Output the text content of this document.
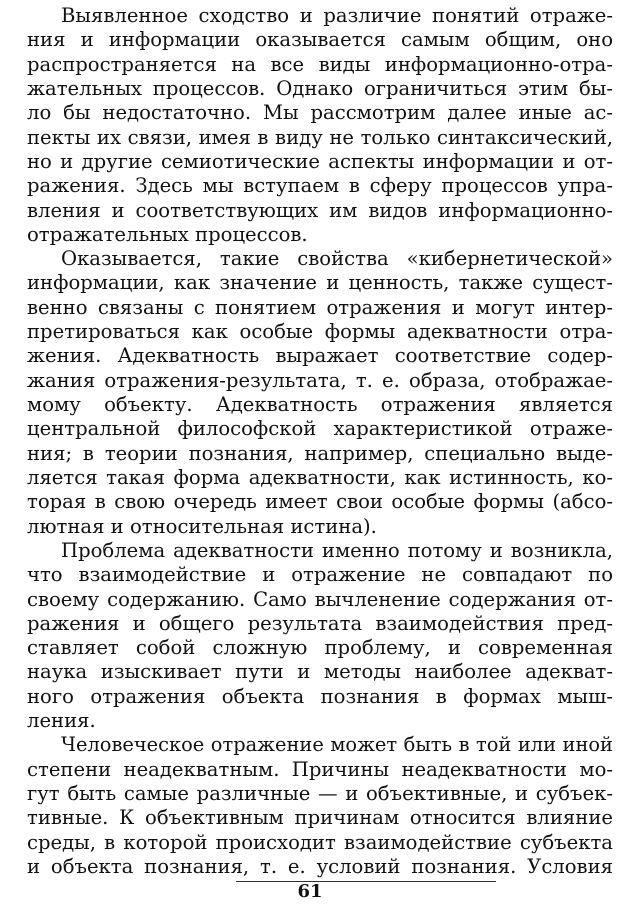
Выявленное сходство и различие понятий отраже-
ния и информации оказывается самым общим, оно
распространяется на все виды информационно-отра-
жательных процессов. Однако ограничиться этим бы-
ло бы недостаточно. Мы рассмотрим далее иные ас-
пекты их связи, имея в виду не только синтаксический,
но и другие семиотические аспекты информации и от-
ражения. Здесь мы вступаем в сферу процессов упра-
вления и соответствующих им видов информационно-
отражательных процессов.
Оказывается, такие свойства «кибернетической»
информации, как значение и ценность, также сущест-
венно связаны с понятием отражения и могут интер-
претироваться как особые формы адекватности отра-
жения. Адекватность выражает соответствие содер-
жания отражения-результата, т. е. образа, отображае-
мому объекту. Адекватность отражения является
центральной философской характеристикой отраже-
ния; в теории познания, например, специально выде-
ляется такая форма адекватности, как истинность, ко-
торая в свою очередь имеет свои особые формы (абсо-
лютная и относительная истина).
Проблема адекватности именно потому и возникла,
что взаимодействие и отражение не совпадают по
своему содержанию. Само вычленение содержания от-
ражения и общего результата взаимодействия пред-
ставляет собой сложную проблему, и современная
наука изыскивает пути и методы наиболее адекват-
ного отражения объекта познания в формах мыш-
ления.
Человеческое отражение может быть в той или иной
степени неадекватным. Причины неадекватности мо-
гут быть самые различные — и объективные, и субъек-
тивные. К объективным причинам относится влияние
среды, в которой происходит взаимодействие субъекта
и объекта познания, т. е. условий познания. Условия
61
